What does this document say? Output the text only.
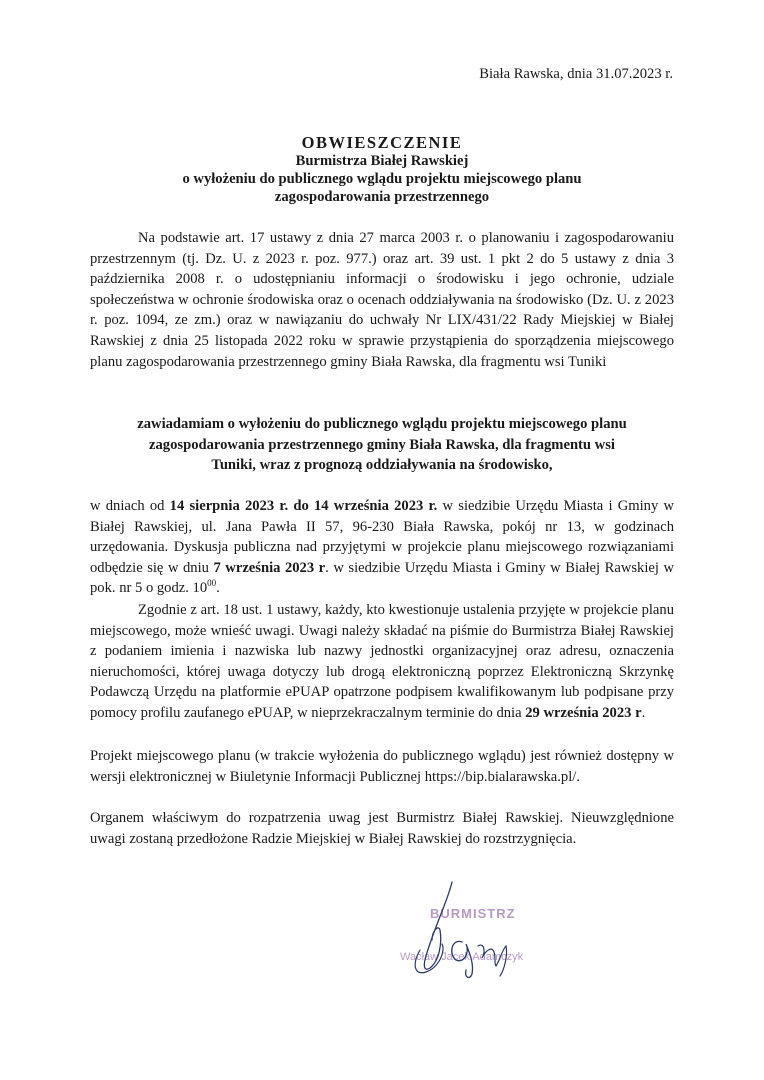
Biała Rawska, dnia 31.07.2023 r.
OBWIESZCZENIE
Burmistrza Białej Rawskiej
o wyłożeniu do publicznego wglądu projektu miejscowego planu
zagospodarowania przestrzennego
Na podstawie art. 17 ustawy z dnia 27 marca 2003 r. o planowaniu i zagospodarowaniu przestrzennym (tj. Dz. U. z 2023 r. poz. 977.) oraz art. 39 ust. 1 pkt 2 do 5 ustawy z dnia 3 października 2008 r. o udostępnianiu informacji o środowisku i jego ochronie, udziale społeczeństwa w ochronie środowiska oraz o ocenach oddziaływania na środowisko (Dz. U. z 2023 r. poz. 1094, ze zm.) oraz w nawiązaniu do uchwały Nr LIX/431/22 Rady Miejskiej w Białej Rawskiej z dnia 25 listopada 2022 roku w sprawie przystąpienia do sporządzenia miejscowego planu zagospodarowania przestrzennego gminy Biała Rawska, dla fragmentu wsi Tuniki
zawiadamiam o wyłożeniu do publicznego wglądu projektu miejscowego planu
zagospodarowania przestrzennego gminy Biała Rawska, dla fragmentu wsi
Tuniki, wraz z prognozą oddziaływania na środowisko,
w dniach od 14 sierpnia 2023 r. do 14 września 2023 r. w siedzibie Urzędu Miasta i Gminy w Białej Rawskiej, ul. Jana Pawła II 57, 96-230 Biała Rawska, pokój nr 13, w godzinach urzędowania. Dyskusja publiczna nad przyjętymi w projekcie planu miejscowego rozwiązaniami odbędzie się w dniu 7 września 2023 r. w siedzibie Urzędu Miasta i Gminy w Białej Rawskiej w pok. nr 5 o godz. $10^{00}$.
Zgodnie z art. 18 ust. 1 ustawy, każdy, kto kwestionuje ustalenia przyjęte w projekcie planu miejscowego, może wnieść uwagi. Uwagi należy składać na piśmie do Burmistrza Białej Rawskiej z podaniem imienia i nazwiska lub nazwy jednostki organizacyjnej oraz adresu, oznaczenia nieruchomości, której uwaga dotyczy lub drogą elektroniczną poprzez Elektroniczną Skrzynkę Podawczą Urzędu na platformie ePUAP opatrzone podpisem kwalifikowanym lub podpisane przy pomocy profilu zaufanego ePUAP, w nieprzekraczalnym terminie do dnia 29 września 2023 r.
Projekt miejscowego planu (w trakcie wyłożenia do publicznego wglądu) jest również dostępny w wersji elektronicznej w Biuletynie Informacji Publicznej https://bip.bialarawska.pl/.
Organem właściwym do rozpatrzenia uwag jest Burmistrz Białej Rawskiej. Nieuwzględnione uwagi zostaną przedłożone Radzie Miejskiej w Białej Rawskiej do rozstrzygnięcia.
BURMISTRZ
Wacław Jacek Adamczyk
